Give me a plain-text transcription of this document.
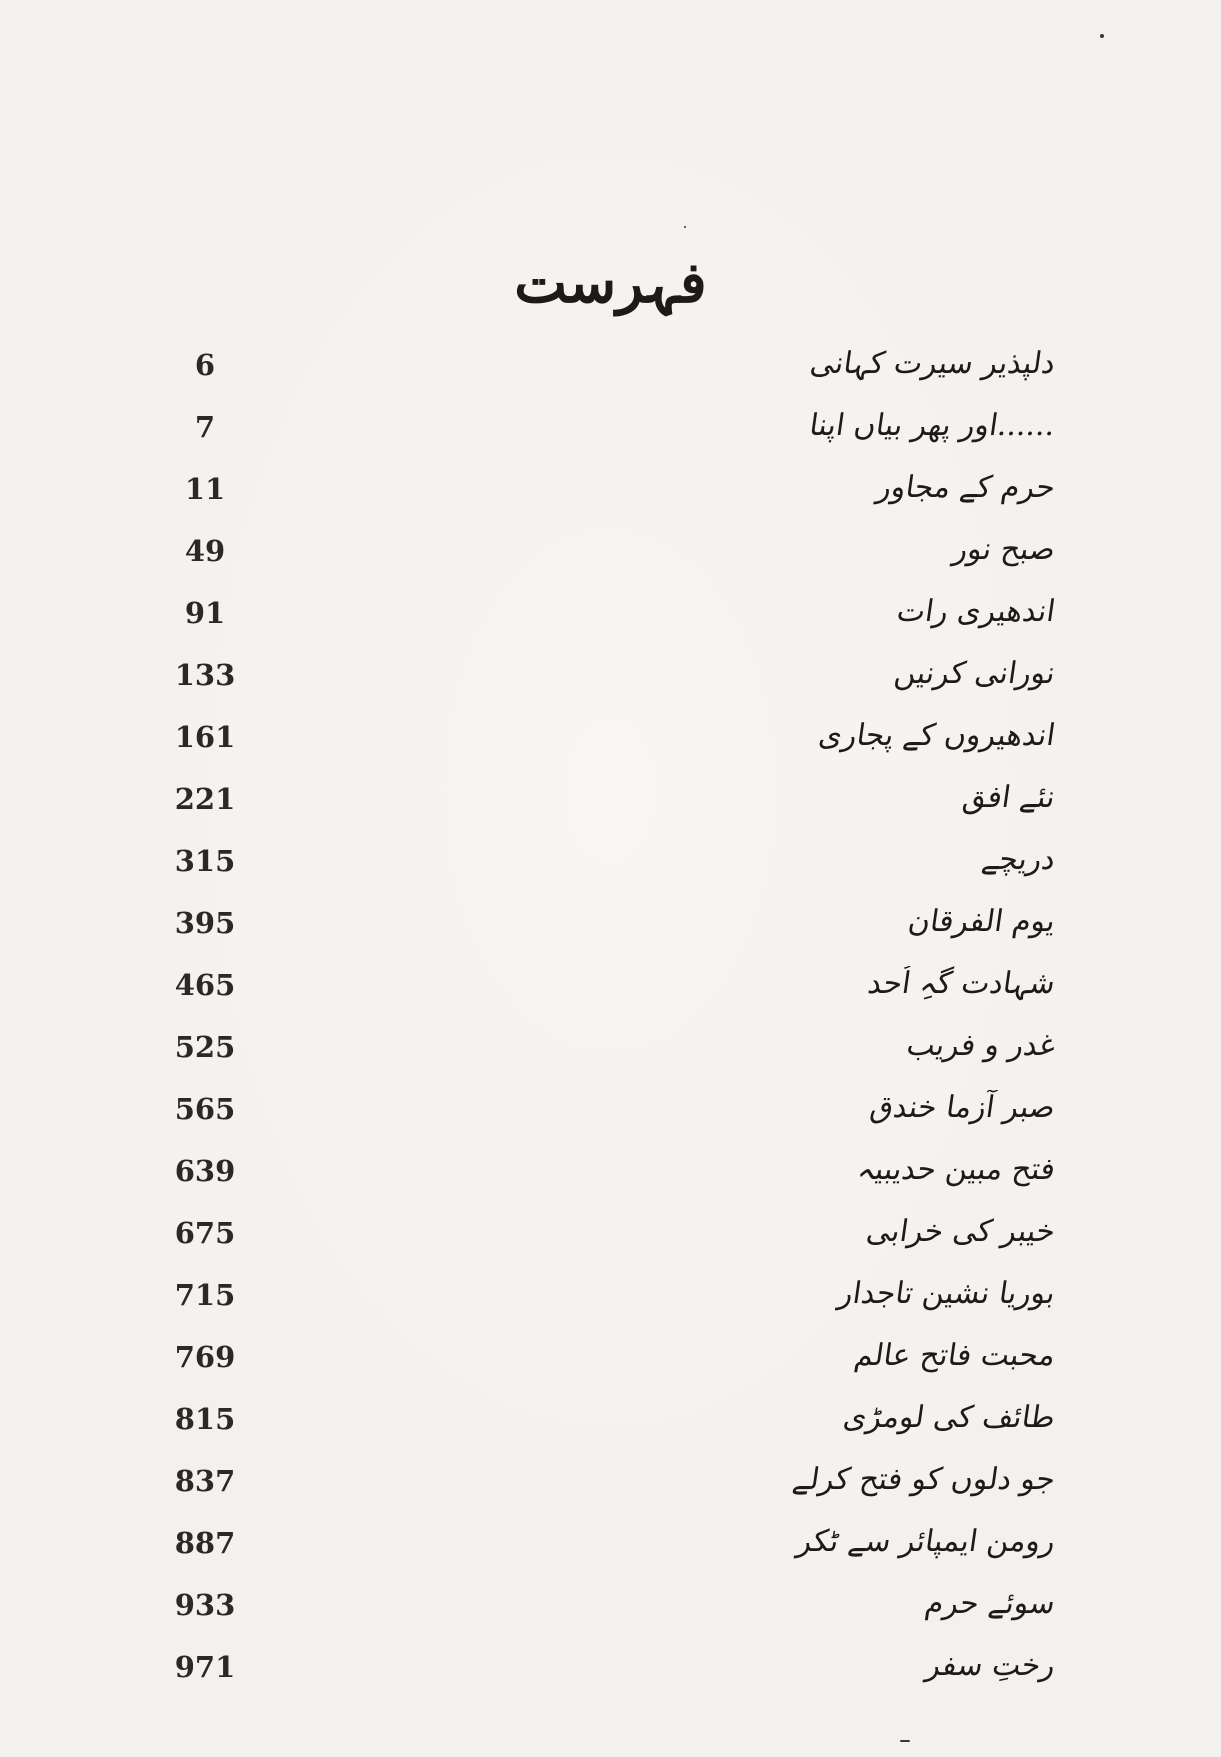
فہرست
دلپذیر سیرت کہانی
6
......اور پھر بیاں اپنا
7
حرم کے مجاور
11
صبح نور
49
اندھیری رات
91
نورانی کرنیں
133
اندھیروں کے پجاری
161
نئے افق
221
دریچے
315
یوم الفرقان
395
شہادت گہِ اُحد
465
غدر و فریب
525
صبر آزما خندق
565
فتح مبین حدیبیہ
639
خیبر کی خرابی
675
بوریا نشین تاجدار
715
محبت فاتح عالم
769
طائف کی لومڑی
815
جو دلوں کو فتح کرلے
837
رومن ایمپائر سے ٹکر
887
سوئے حرم
933
رختِ سفر
971
